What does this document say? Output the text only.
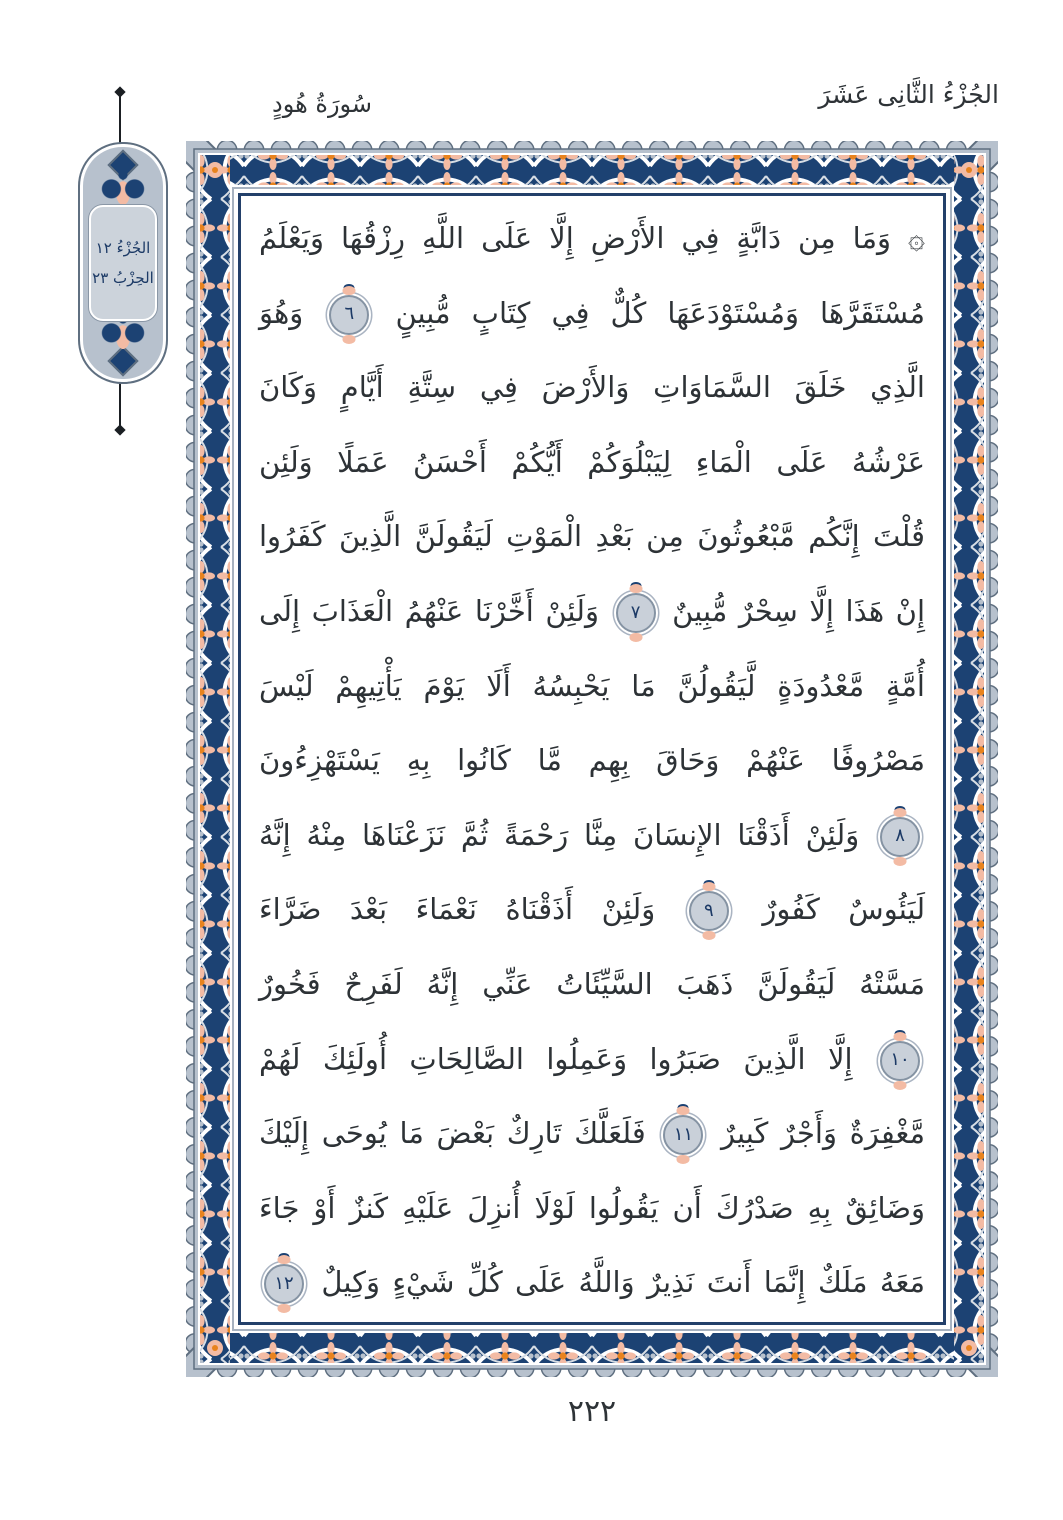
الجُزْءُ الثَّانِى عَشَرَ
سُورَةُ هُودٍ
الجُزْءُ ١٢
الحِزْبُ ٢٣
۞ وَمَا مِن دَابَّةٍ فِي الأَرْضِ إِلَّا عَلَى اللَّهِ رِزْقُهَا وَيَعْلَمُ
مُسْتَقَرَّهَا وَمُسْتَوْدَعَهَا كُلٌّ فِي كِتَابٍ مُّبِينٍ ٦ وَهُوَ
الَّذِي خَلَقَ السَّمَاوَاتِ وَالأَرْضَ فِي سِتَّةِ أَيَّامٍ وَكَانَ
عَرْشُهُ عَلَى الْمَاءِ لِيَبْلُوَكُمْ أَيُّكُمْ أَحْسَنُ عَمَلًا وَلَئِن
قُلْتَ إِنَّكُم مَّبْعُوثُونَ مِن بَعْدِ الْمَوْتِ لَيَقُولَنَّ الَّذِينَ كَفَرُوا
إِنْ هَذَا إِلَّا سِحْرٌ مُّبِينٌ ٧ وَلَئِنْ أَخَّرْنَا عَنْهُمُ الْعَذَابَ إِلَى
أُمَّةٍ مَّعْدُودَةٍ لَّيَقُولُنَّ مَا يَحْبِسُهُ أَلَا يَوْمَ يَأْتِيهِمْ لَيْسَ
مَصْرُوفًا عَنْهُمْ وَحَاقَ بِهِم مَّا كَانُوا بِهِ يَسْتَهْزِءُونَ
٨ وَلَئِنْ أَذَقْنَا الإِنسَانَ مِنَّا رَحْمَةً ثُمَّ نَزَعْنَاهَا مِنْهُ إِنَّهُ
لَيَئُوسٌ كَفُورٌ ٩ وَلَئِنْ أَذَقْنَاهُ نَعْمَاءَ بَعْدَ ضَرَّاءَ
مَسَّتْهُ لَيَقُولَنَّ ذَهَبَ السَّيِّئَاتُ عَنِّي إِنَّهُ لَفَرِحٌ فَخُورٌ
١٠ إِلَّا الَّذِينَ صَبَرُوا وَعَمِلُوا الصَّالِحَاتِ أُولَئِكَ لَهُمْ
مَّغْفِرَةٌ وَأَجْرٌ كَبِيرٌ ١١ فَلَعَلَّكَ تَارِكٌ بَعْضَ مَا يُوحَى إِلَيْكَ
وَضَائِقٌ بِهِ صَدْرُكَ أَن يَقُولُوا لَوْلَا أُنزِلَ عَلَيْهِ كَنزٌ أَوْ جَاءَ
مَعَهُ مَلَكٌ إِنَّمَا أَنتَ نَذِيرٌ وَاللَّهُ عَلَى كُلِّ شَيْءٍ وَكِيلٌ ١٢
٢٢٢
